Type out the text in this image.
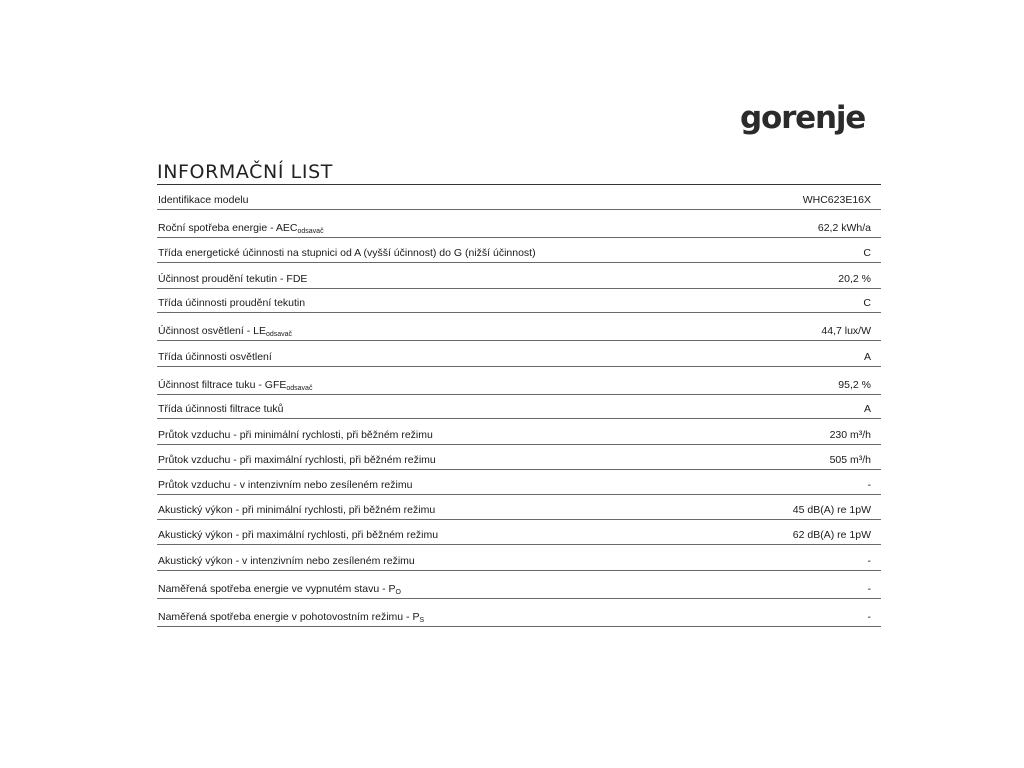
gorenje
INFORMAČNÍ LIST
Identifikace modelu	WHC623E16X
Roční spotřeba energie - $AEC_{odsavač}$	62,2 kWh/a
Třída energetické účinnosti na stupnici od A (vyšší účinnost) do G (nižší účinnost)	C
Účinnost proudění tekutin - FDE	20,2 %
Třída účinnosti proudění tekutin	C
Účinnost osvětlení - $LE_{odsavač}$	44,7 lux/W
Třída účinnosti osvětlení	A
Účinnost filtrace tuku - $GFE_{odsavač}$	95,2 %
Třída účinnosti filtrace tuků	A
Průtok vzduchu - při minimální rychlosti, při běžném režimu	230 m³/h
Průtok vzduchu - při maximální rychlosti, při běžném režimu	505 m³/h
Průtok vzduchu - v intenzivním nebo zesíleném režimu	-
Akustický výkon - při minimální rychlosti, při běžném režimu	45 dB(A) re 1pW
Akustický výkon - při maximální rychlosti, při běžném režimu	62 dB(A) re 1pW
Akustický výkon - v intenzivním nebo zesíleném režimu	-
Naměřená spotřeba energie ve vypnutém stavu - $P_O$	-
Naměřená spotřeba energie v pohotovostním režimu - $P_S$	-
